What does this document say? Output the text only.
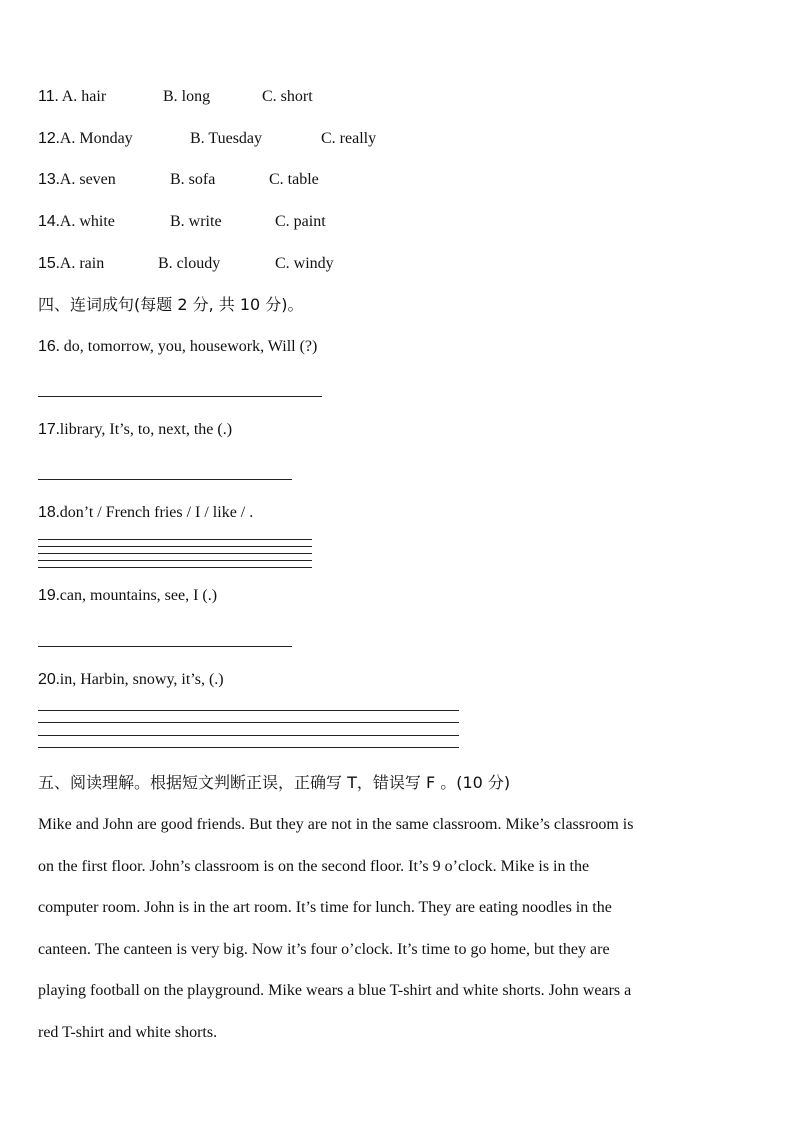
11. A. hair	B. long	C. short
12.A. Monday	B. Tuesday	C. really
13.A. seven	B. sofa	C. table
14.A. white	B. write	C. paint
15.A. rain	B. cloudy	C. windy
四、连词成句(每题 2 分, 共 10 分)。
16. do, tomorrow, you, housework, Will (?)
17.library, It’s, to, next, the (.)
18.don’t / French fries / I / like / .
19.can, mountains, see, I (.)
20.in, Harbin, snowy, it’s, (.)
五、阅读理解。根据短文判断正误，正确写 T，错误写 F 。(10 分)
Mike and John are good friends. But they are not in the same classroom. Mike’s classroom is
on the first floor. John’s classroom is on the second floor. It’s 9 o’clock. Mike is in the
computer room. John is in the art room. It’s time for lunch. They are eating noodles in the
canteen. The canteen is very big. Now it’s four o’clock. It’s time to go home, but they are
playing football on the playground. Mike wears a blue T-shirt and white shorts. John wears a
red T-shirt and white shorts.
